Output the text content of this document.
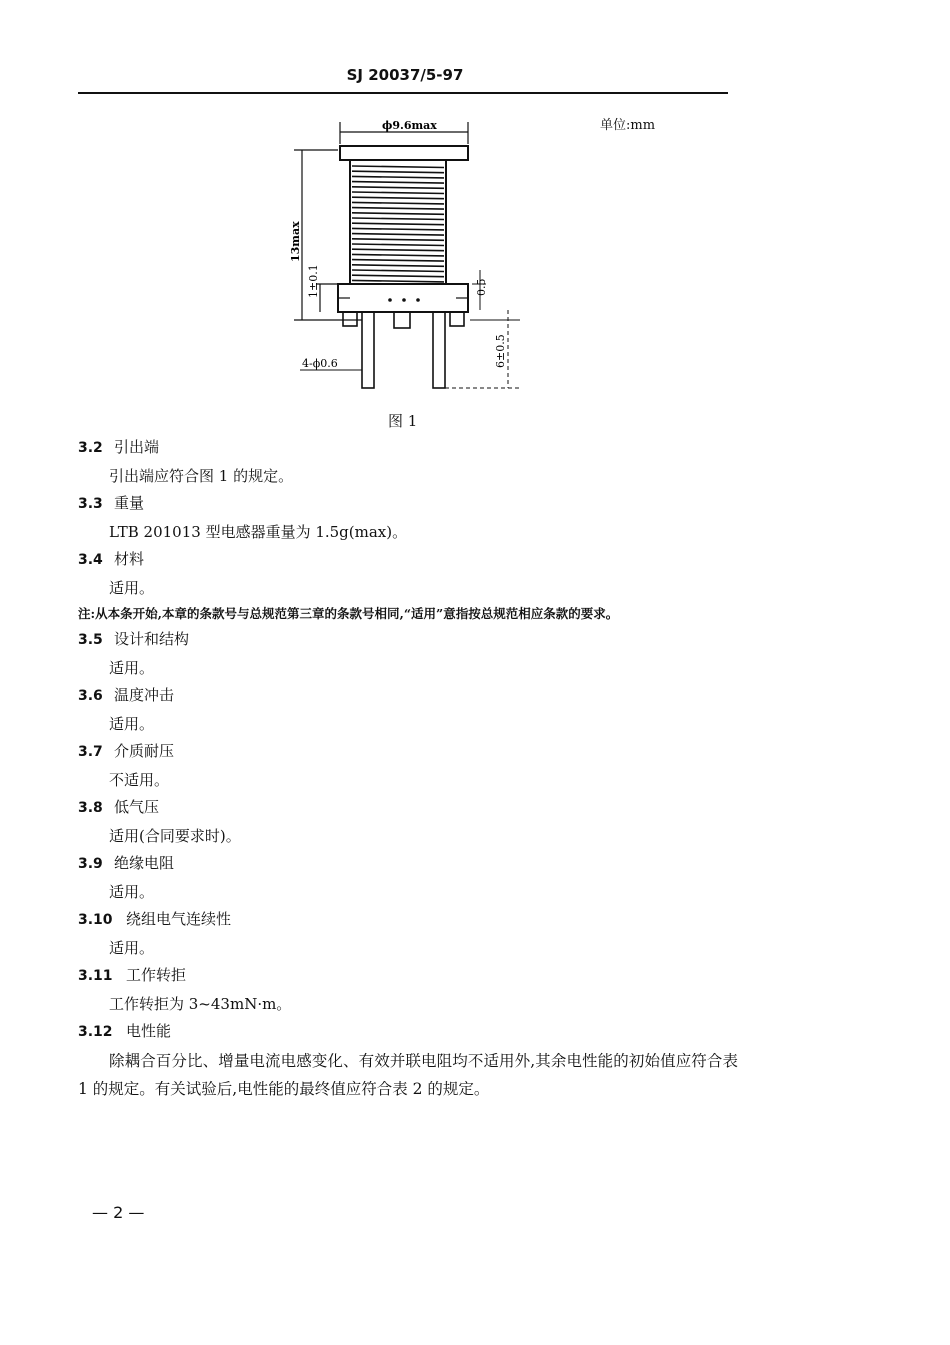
SJ 20037/5-97
单位:mm
ϕ9.6max
13max
1±0.1	0.5
6±0.5
4-ϕ0.6
图 1
3.2 引出端
引出端应符合图 1 的规定。
3.3 重量
LTB 201013 型电感器重量为 1.5g(max)。
3.4 材料
适用。
注:从本条开始,本章的条款号与总规范第三章的条款号相同,“适用”意指按总规范相应条款的要求。
3.5 设计和结构
适用。
3.6 温度冲击
适用。
3.7 介质耐压
不适用。
3.8 低气压
适用(合同要求时)。
3.9 绝缘电阻
适用。
3.10 绕组电气连续性
适用。
3.11 工作转拒
工作转拒为 3~43mN·m。
3.12 电性能
除耦合百分比、增量电流电感变化、有效并联电阻均不适用外,其余电性能的初始值应符合表 1 的规定。有关试验后,电性能的最终值应符合表 2 的规定。
— 2 —
